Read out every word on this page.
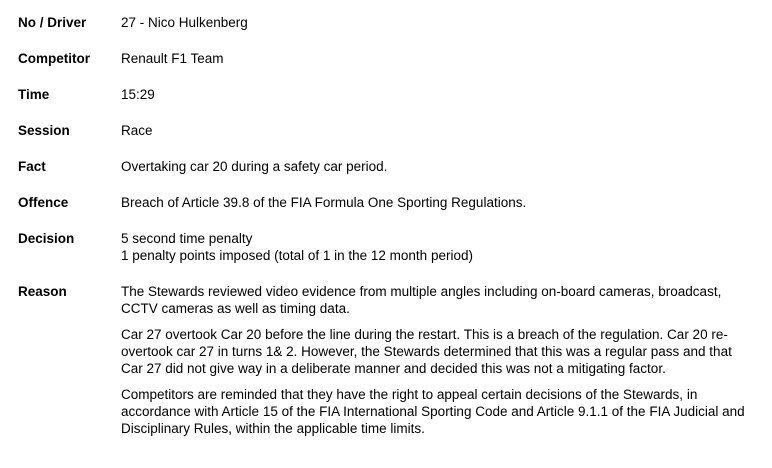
No / Driver	27 - Nico Hulkenberg

Competitor	Renault F1 Team

Time	15:29

Session	Race

Fact	Overtaking car 20 during a safety car period.

Offence	Breach of Article 39.8 of the FIA Formula One Sporting Regulations.

Decision	5 second time penalty
1 penalty points imposed (total of 1 in the 12 month period)

Reason	The Stewards reviewed video evidence from multiple angles including on-board cameras, broadcast, CCTV cameras as well as timing data.
Car 27 overtook Car 20 before the line during the restart. This is a breach of the regulation. Car 20 re-overtook car 27 in turns 1& 2. However, the Stewards determined that this was a regular pass and that Car 27 did not give way in a deliberate manner and decided this was not a mitigating factor.
Competitors are reminded that they have the right to appeal certain decisions of the Stewards, in accordance with Article 15 of the FIA International Sporting Code and Article 9.1.1 of the FIA Judicial and Disciplinary Rules, within the applicable time limits.
